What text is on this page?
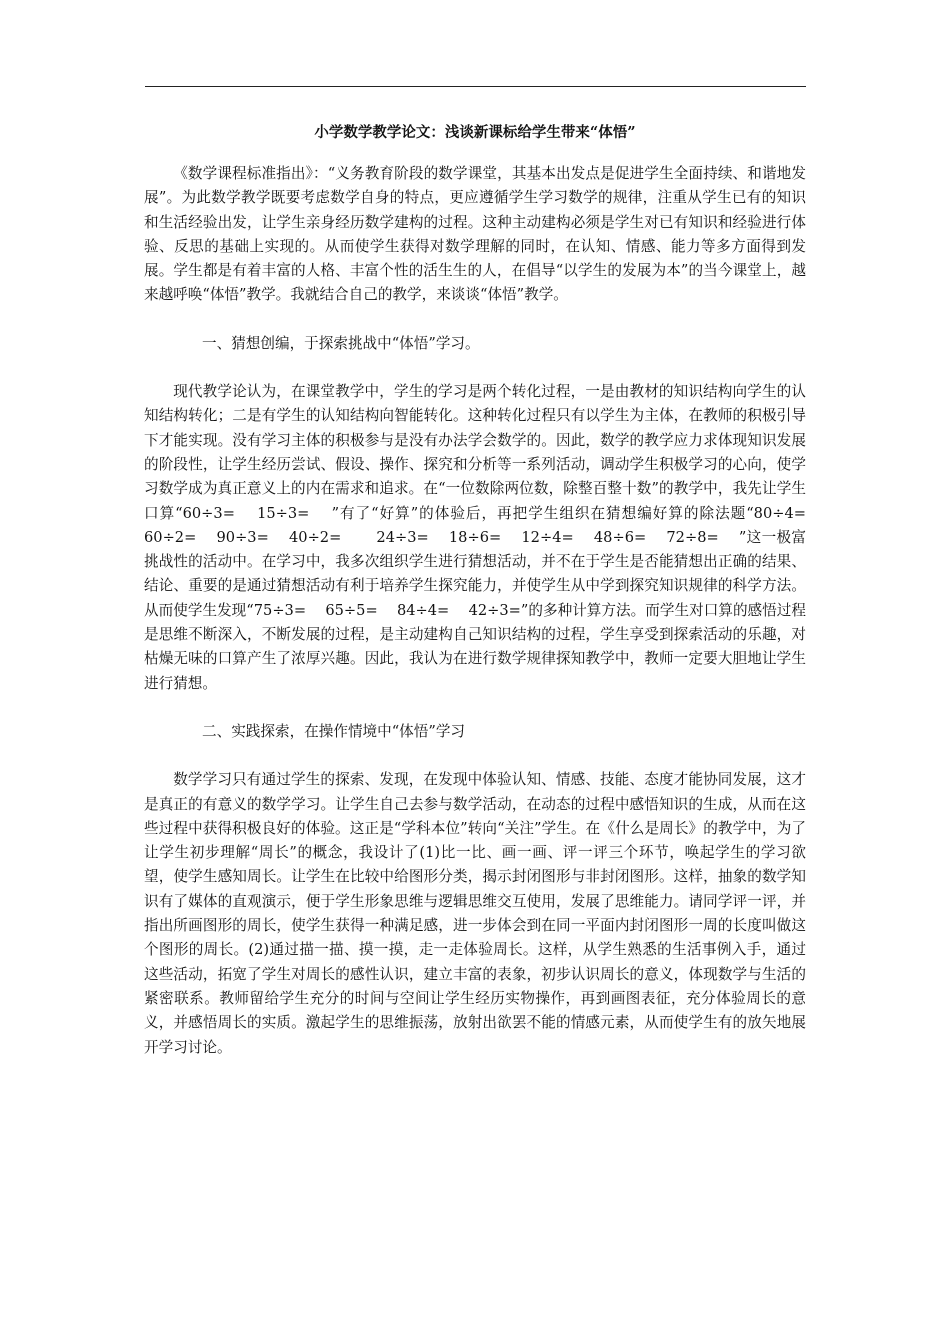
小学数学教学论文：浅谈新课标给学生带来“体悟”

《数学课程标准指出》：“义务教育阶段的数学课堂，其基本出发点是促进学生全面持续、和谐地发展”。为此数学教学既要考虑数学自身的特点，更应遵循学生学习数学的规律，注重从学生已有的知识和生活经验出发，让学生亲身经历数学建构的过程。这种主动建构必须是学生对已有知识和经验进行体验、反思的基础上实现的。从而使学生获得对数学理解的同时，在认知、情感、能力等多方面得到发展。学生都是有着丰富的人格、丰富个性的活生生的人，在倡导“以学生的发展为本”的当今课堂上，越来越呼唤“体悟”教学。我就结合自己的教学，来谈谈“体悟”教学。

一、猜想创编，于探索挑战中“体悟”学习。

现代教学论认为，在课堂教学中，学生的学习是两个转化过程，一是由教材的知识结构向学生的认知结构转化；二是有学生的认知结构向智能转化。这种转化过程只有以学生为主体，在教师的积极引导下才能实现。没有学习主体的积极参与是没有办法学会数学的。因此，数学的教学应力求体现知识发展的阶段性，让学生经历尝试、假设、操作、探究和分析等一系列活动，调动学生积极学习的心向，使学习数学成为真正意义上的内在需求和追求。在“一位数除两位数，除整百整十数”的教学中，我先让学生口算“60÷3=　 15÷3=　 ”有了“好算”的体验后，再把学生组织在猜想编好算的除法题“80÷4=　 60÷2=　 90÷3=　 40÷2=　　 24÷3=　 18÷6=　 12÷4=　 48÷6=　 72÷8=　 ”这一极富挑战性的活动中。在学习中，我多次组织学生进行猜想活动，并不在于学生是否能猜想出正确的结果、结论、重要的是通过猜想活动有利于培养学生探究能力，并使学生从中学到探究知识规律的科学方法。从而使学生发现“75÷3=　 65÷5=　 84÷4=　 42÷3=”的多种计算方法。而学生对口算的感悟过程是思维不断深入，不断发展的过程，是主动建构自己知识结构的过程，学生享受到探索活动的乐趣，对枯燥无味的口算产生了浓厚兴趣。因此，我认为在进行数学规律探知教学中，教师一定要大胆地让学生进行猜想。

二、实践探索，在操作情境中“体悟”学习

数学学习只有通过学生的探索、发现，在发现中体验认知、情感、技能、态度才能协同发展，这才是真正的有意义的数学学习。让学生自己去参与数学活动，在动态的过程中感悟知识的生成，从而在这些过程中获得积极良好的体验。这正是“学科本位”转向“关注”学生。在《什么是周长》的教学中，为了让学生初步理解“周长”的概念，我设计了(1)比一比、画一画、评一评三个环节，唤起学生的学习欲望，使学生感知周长。让学生在比较中给图形分类，揭示封闭图形与非封闭图形。这样，抽象的数学知识有了媒体的直观演示，便于学生形象思维与逻辑思维交互使用，发展了思维能力。请同学评一评，并指出所画图形的周长，使学生获得一种满足感，进一步体会到在同一平面内封闭图形一周的长度叫做这个图形的周长。(2)通过描一描、摸一摸，走一走体验周长。这样，从学生熟悉的生活事例入手，通过这些活动，拓宽了学生对周长的感性认识，建立丰富的表象，初步认识周长的意义，体现数学与生活的紧密联系。教师留给学生充分的时间与空间让学生经历实物操作，再到画图表征，充分体验周长的意义，并感悟周长的实质。激起学生的思维振荡，放射出欲罢不能的情感元素，从而使学生有的放矢地展开学习讨论。
